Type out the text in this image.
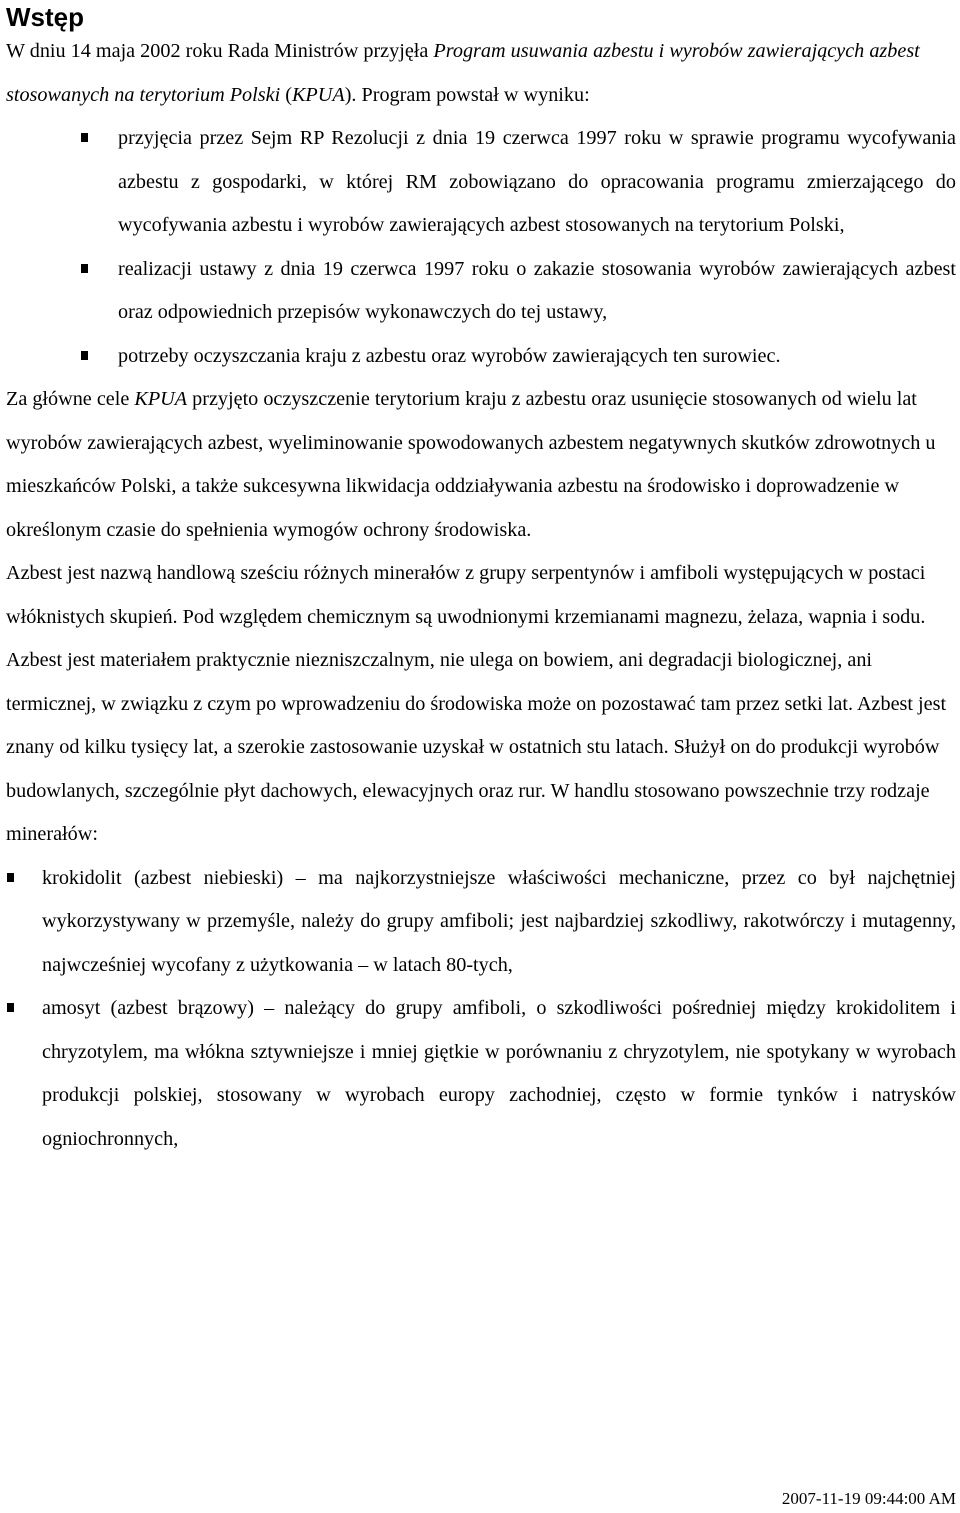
Wstęp

W dniu 14 maja 2002 roku Rada Ministrów przyjęła Program usuwania azbestu i wyrobów zawierających azbest stosowanych na terytorium Polski (KPUA). Program powstał w wyniku:

przyjęcia przez Sejm RP Rezolucji z dnia 19 czerwca 1997 roku w sprawie programu wycofywania azbestu z gospodarki, w której RM zobowiązano do opracowania programu zmierzającego do wycofywania azbestu i wyrobów zawierających azbest stosowanych na terytorium Polski,
realizacji ustawy z dnia 19 czerwca 1997 roku o zakazie stosowania wyrobów zawierających azbest oraz odpowiednich przepisów wykonawczych do tej ustawy,
potrzeby oczyszczania kraju z azbestu oraz wyrobów zawierających ten surowiec.

Za główne cele KPUA przyjęto oczyszczenie terytorium kraju z azbestu oraz usunięcie stosowanych od wielu lat wyrobów zawierających azbest, wyeliminowanie spowodowanych azbestem negatywnych skutków zdrowotnych u mieszkańców Polski, a także sukcesywna likwidacja oddziaływania azbestu na środowisko i doprowadzenie w określonym czasie do spełnienia wymogów ochrony środowiska.

Azbest jest nazwą handlową sześciu różnych minerałów z grupy serpentynów i amfiboli występujących w postaci włóknistych skupień. Pod względem chemicznym są uwodnionymi krzemianami magnezu, żelaza, wapnia i sodu. Azbest jest materiałem praktycznie niezniszczalnym, nie ulega on bowiem, ani degradacji biologicznej, ani termicznej, w związku z czym po wprowadzeniu do środowiska może on pozostawać tam przez setki lat. Azbest jest znany od kilku tysięcy lat, a szerokie zastosowanie uzyskał w ostatnich stu latach. Służył on do produkcji wyrobów budowlanych, szczególnie płyt dachowych, elewacyjnych oraz rur. W handlu stosowano powszechnie trzy rodzaje minerałów:

krokidolit (azbest niebieski) – ma najkorzystniejsze właściwości mechaniczne, przez co był najchętniej wykorzystywany w przemyśle, należy do grupy amfiboli; jest najbardziej szkodliwy, rakotwórczy i mutagenny, najwcześniej wycofany z użytkowania – w latach 80-tych,
amosyt (azbest brązowy) – należący do grupy amfiboli, o szkodliwości pośredniej między krokidolitem i chryzotylem, ma włókna sztywniejsze i mniej giętkie w porównaniu z chryzotylem, nie spotykany w wyrobach produkcji polskiej, stosowany w wyrobach europy zachodniej, często w formie tynków i natrysków ogniochronnych,
2007-11-19 09:44:00 AM
